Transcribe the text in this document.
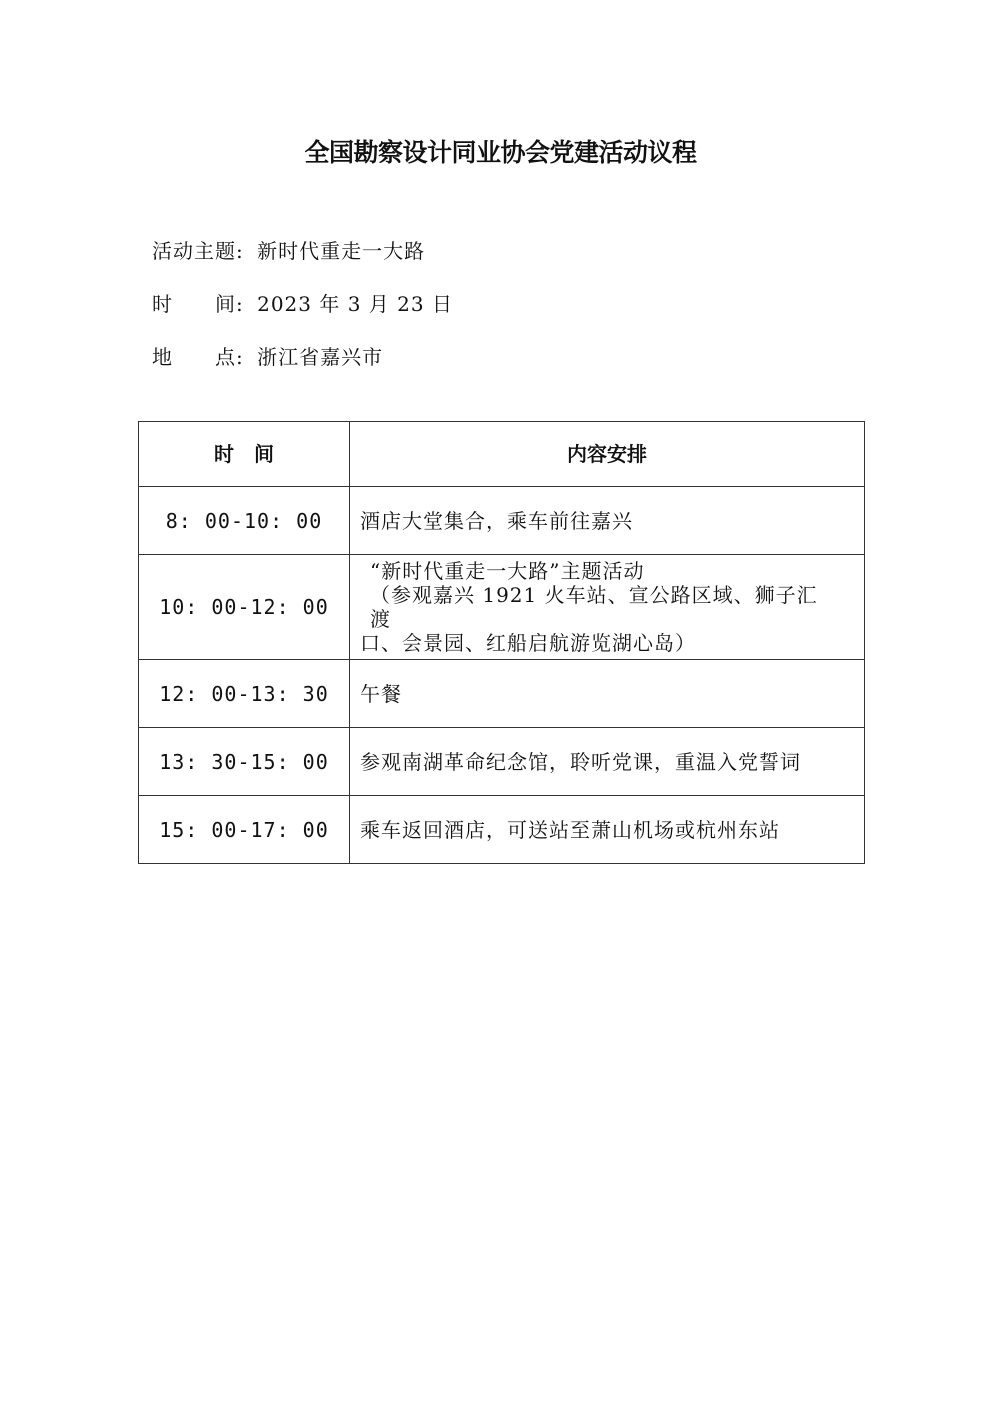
全国勘察设计同业协会党建活动议程
活动主题: 新时代重走一大路
时　　间: 2023 年 3 月 23 日
地　　点: 浙江省嘉兴市
时　间	内容安排
8: 00-10: 00	酒店大堂集合，乘车前往嘉兴
10: 00-12: 00	“新时代重走一大路”主题活动
（参观嘉兴 1921 火车站、宣公路区域、狮子汇渡
口、会景园、红船启航游览湖心岛）

12: 00-13: 30	午餐
13: 30-15: 00	参观南湖革命纪念馆，聆听党课，重温入党誓词
15: 00-17: 00	乘车返回酒店，可送站至萧山机场或杭州东站
